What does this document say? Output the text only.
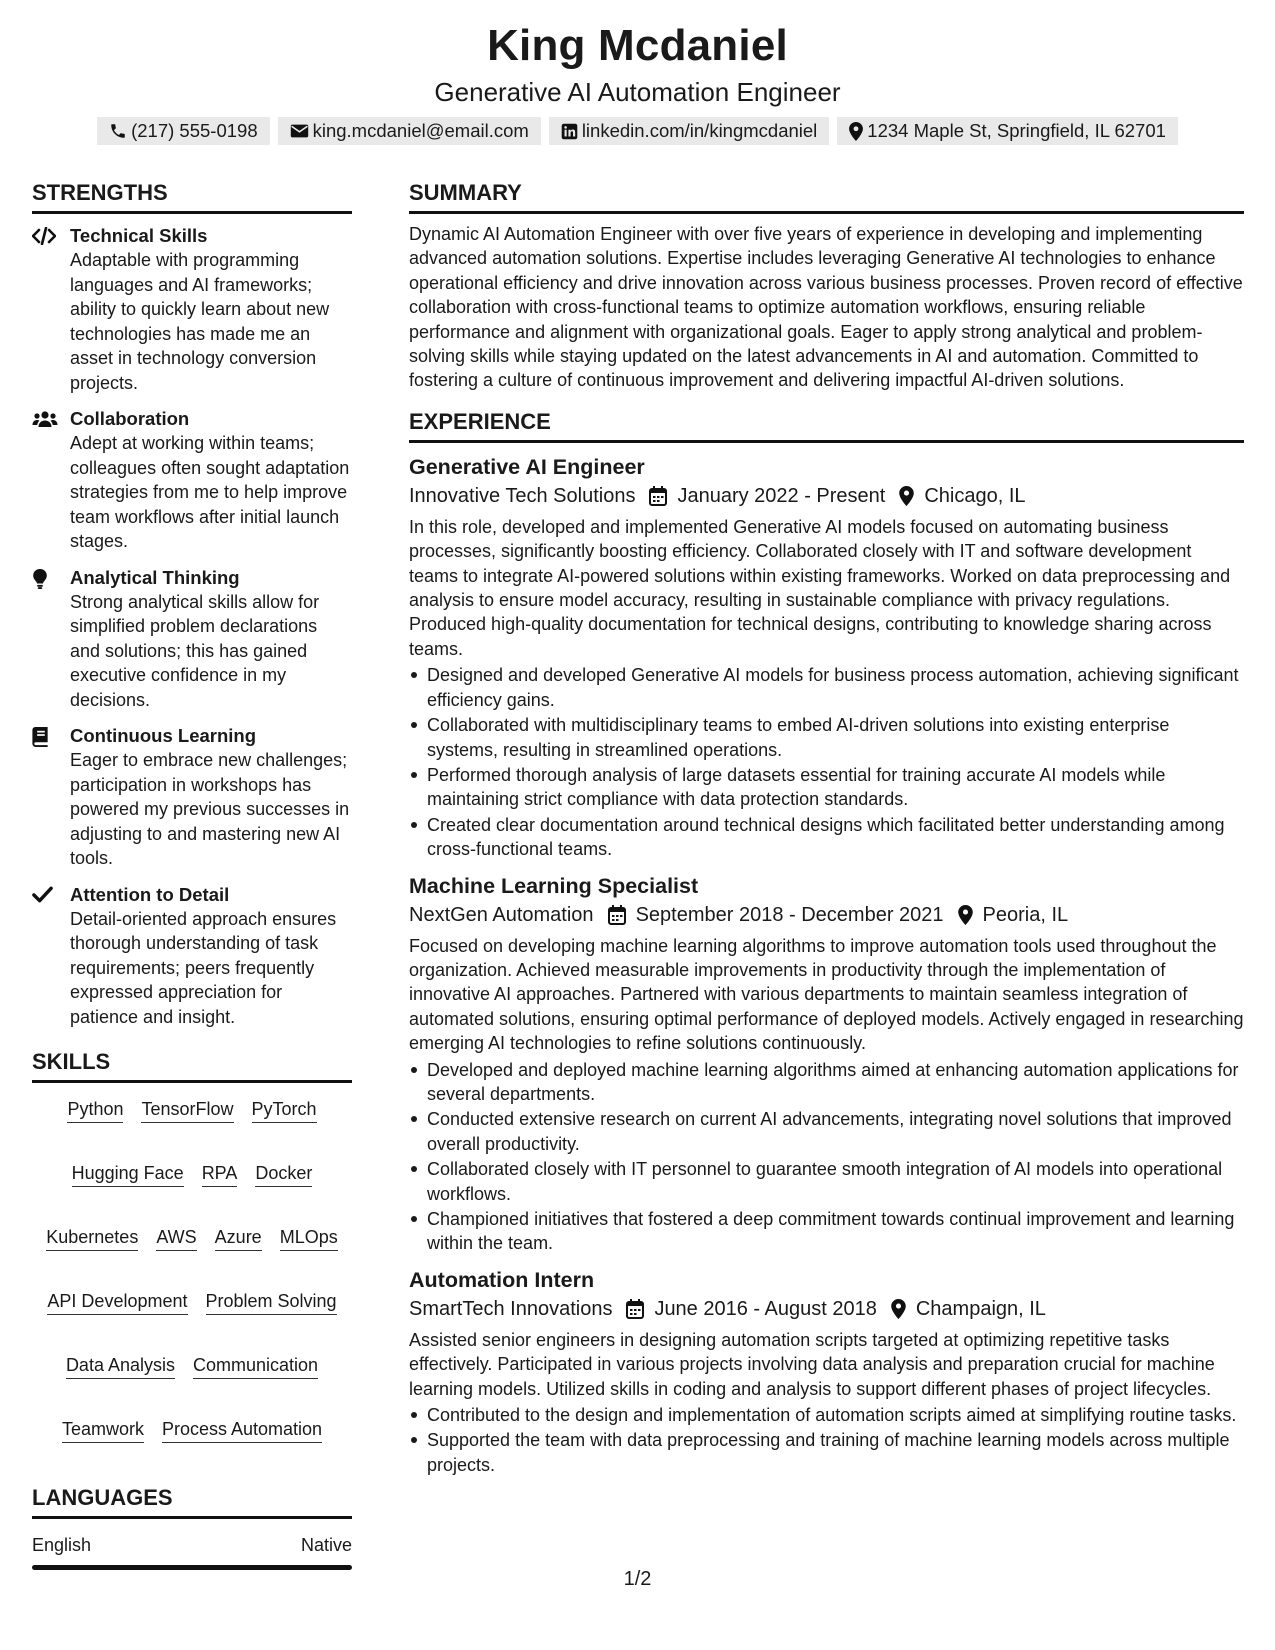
King Mcdaniel
Generative AI Automation Engineer
(217) 555-0198	king.mcdaniel@email.com	linkedin.com/in/kingmcdaniel	1234 Maple St, Springfield, IL 62701
STRENGTHS
Technical Skills
Adaptable with programming languages and AI frameworks; ability to quickly learn about new technologies has made me an asset in technology conversion projects.
Collaboration
Adept at working within teams; colleagues often sought adaptation strategies from me to help improve team workflows after initial launch stages.
Analytical Thinking
Strong analytical skills allow for simplified problem declarations and solutions; this has gained executive confidence in my decisions.
Continuous Learning
Eager to embrace new challenges; participation in workshops has powered my previous successes in adjusting to and mastering new AI tools.
Attention to Detail
Detail-oriented approach ensures thorough understanding of task requirements; peers frequently expressed appreciation for patience and insight.
SKILLS
Python TensorFlow PyTorch
Hugging Face RPA Docker
Kubernetes AWS Azure MLOps
API Development Problem Solving
Data Analysis Communication
Teamwork Process Automation
LANGUAGES
English	Native
SUMMARY

Dynamic AI Automation Engineer with over five years of experience in developing and implementing advanced automation solutions. Expertise includes leveraging Generative AI technologies to enhance operational efficiency and drive innovation across various business processes. Proven record of effective collaboration with cross-functional teams to optimize automation workflows, ensuring reliable performance and alignment with organizational goals. Eager to apply strong analytical and problem-solving skills while staying updated on the latest advancements in AI and automation. Committed to fostering a culture of continuous improvement and delivering impactful AI-driven solutions.

EXPERIENCE
Generative AI Engineer
Innovative Tech Solutions January 2022 - Present Chicago, IL
In this role, developed and implemented Generative AI models focused on automating business processes, significantly boosting efficiency. Collaborated closely with IT and software development teams to integrate AI-powered solutions within existing frameworks. Worked on data preprocessing and analysis to ensure model accuracy, resulting in sustainable compliance with privacy regulations. Produced high-quality documentation for technical designs, contributing to knowledge sharing across teams.
Designed and developed Generative AI models for business process automation, achieving significant efficiency gains.
Collaborated with multidisciplinary teams to embed AI-driven solutions into existing enterprise systems, resulting in streamlined operations.
Performed thorough analysis of large datasets essential for training accurate AI models while maintaining strict compliance with data protection standards.
Created clear documentation around technical designs which facilitated better understanding among cross-functional teams.
Machine Learning Specialist
NextGen Automation September 2018 - December 2021 Peoria, IL
Focused on developing machine learning algorithms to improve automation tools used throughout the organization. Achieved measurable improvements in productivity through the implementation of innovative AI approaches. Partnered with various departments to maintain seamless integration of automated solutions, ensuring optimal performance of deployed models. Actively engaged in researching emerging AI technologies to refine solutions continuously.
Developed and deployed machine learning algorithms aimed at enhancing automation applications for several departments.
Conducted extensive research on current AI advancements, integrating novel solutions that improved overall productivity.
Collaborated closely with IT personnel to guarantee smooth integration of AI models into operational workflows.
Championed initiatives that fostered a deep commitment towards continual improvement and learning within the team.
Automation Intern
SmartTech Innovations June 2016 - August 2018 Champaign, IL
Assisted senior engineers in designing automation scripts targeted at optimizing repetitive tasks effectively. Participated in various projects involving data analysis and preparation crucial for machine learning models. Utilized skills in coding and analysis to support different phases of project lifecycles.
Contributed to the design and implementation of automation scripts aimed at simplifying routine tasks.
Supported the team with data preprocessing and training of machine learning models across multiple projects.
1/2
